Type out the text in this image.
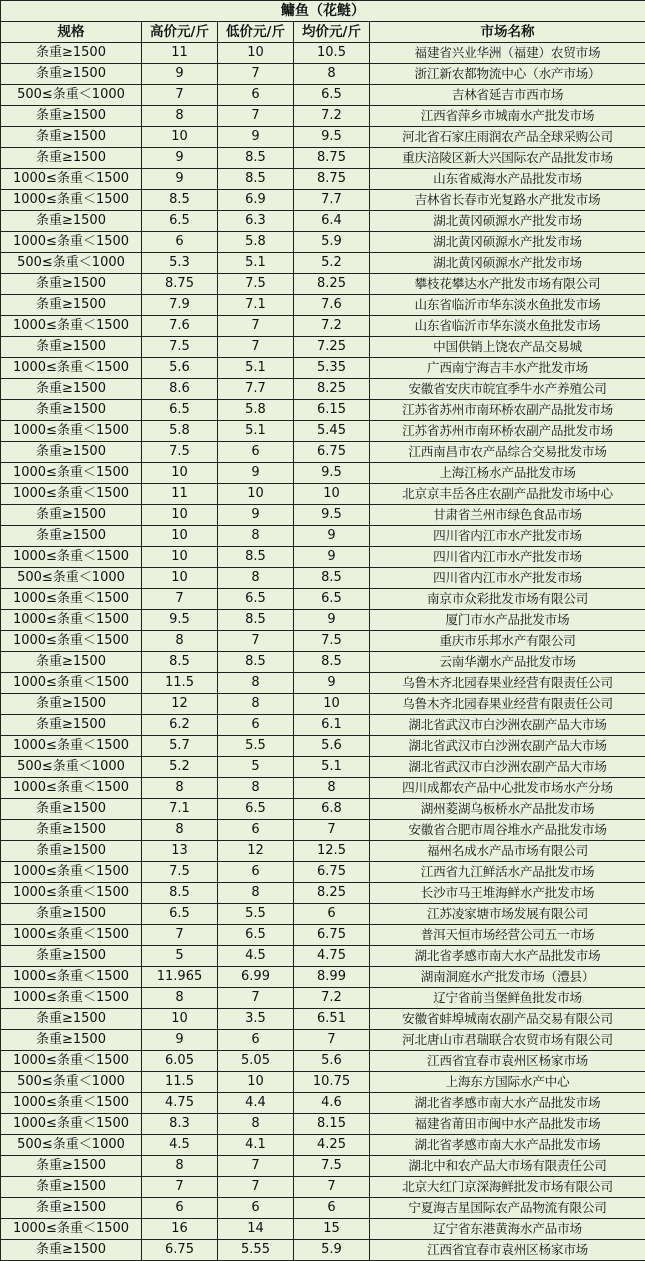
鳙鱼（花鲢）				
规格	高价元/斤	低价元/斤	均价元/斤	市场名称
条重≥1500	11	10	10.5	福建省兴业华洲（福建）农贸市场
条重≥1500	9	7	8	浙江新农都物流中心（水产市场）
500≤条重＜1000	7	6	6.5	吉林省延吉市西市场
条重≥1500	8	7	7.2	江西省萍乡市城南水产批发市场
条重≥1500	10	9	9.5	河北省石家庄雨润农产品全球采购公司
条重≥1500	9	8.5	8.75	重庆涪陵区新大兴国际农产品批发市场
1000≤条重＜1500	9	8.5	8.75	山东省威海水产品批发市场
1000≤条重＜1500	8.5	6.9	7.7	吉林省长春市光复路水产批发市场
条重≥1500	6.5	6.3	6.4	湖北黄冈硕源水产批发市场
1000≤条重＜1500	6	5.8	5.9	湖北黄冈硕源水产批发市场
500≤条重＜1000	5.3	5.1	5.2	湖北黄冈硕源水产批发市场
条重≥1500	8.75	7.5	8.25	攀枝花攀达水产批发市场有限公司
条重≥1500	7.9	7.1	7.6	山东省临沂市华东淡水鱼批发市场
1000≤条重＜1500	7.6	7	7.2	山东省临沂市华东淡水鱼批发市场
条重≥1500	7.5	7	7.25	中国供销上饶农产品交易城
1000≤条重＜1500	5.6	5.1	5.35	广西南宁海吉丰水产批发市场
条重≥1500	8.6	7.7	8.25	安徽省安庆市皖宜季牛水产养殖公司
条重≥1500	6.5	5.8	6.15	江苏省苏州市南环桥农副产品批发市场
1000≤条重＜1500	5.8	5.1	5.45	江苏省苏州市南环桥农副产品批发市场
条重≥1500	7.5	6	6.75	江西南昌市农产品综合交易批发市场
1000≤条重＜1500	10	9	9.5	上海江杨水产品批发市场
1000≤条重＜1500	11	10	10	北京京丰岳各庄农副产品批发市场中心
条重≥1500	10	9	9.5	甘肃省兰州市绿色食品市场
条重≥1500	10	8	9	四川省内江市水产批发市场
1000≤条重＜1500	10	8.5	9	四川省内江市水产批发市场
500≤条重＜1000	10	8	8.5	四川省内江市水产批发市场
1000≤条重＜1500	7	6.5	6.5	南京市众彩批发市场有限公司
1000≤条重＜1500	9.5	8.5	9	厦门市水产品批发市场
1000≤条重＜1500	8	7	7.5	重庆市乐邦水产有限公司
条重≥1500	8.5	8.5	8.5	云南华潮水产品批发市场
1000≤条重＜1500	11.5	8	9	乌鲁木齐北园春果业经营有限责任公司
条重≥1500	12	8	10	乌鲁木齐北园春果业经营有限责任公司
条重≥1500	6.2	6	6.1	湖北省武汉市白沙洲农副产品大市场
1000≤条重＜1500	5.7	5.5	5.6	湖北省武汉市白沙洲农副产品大市场
500≤条重＜1000	5.2	5	5.1	湖北省武汉市白沙洲农副产品大市场
1000≤条重＜1500	8	8	8	四川成都农产品中心批发市场水产分场
条重≥1500	7.1	6.5	6.8	湖州菱湖乌板桥水产品批发市场
条重≥1500	8	6	7	安徽省合肥市周谷堆水产品批发市场
条重≥1500	13	12	12.5	福州名成水产品市场有限公司
1000≤条重＜1500	7.5	6	6.75	江西省九江鲜活水产品批发市场
1000≤条重＜1500	8.5	8	8.25	长沙市马王堆海鲜水产批发市场
条重≥1500	6.5	5.5	6	江苏凌家塘市场发展有限公司
1000≤条重＜1500	7	6.5	6.75	普洱天恒市场经营公司五一市场
条重≥1500	5	4.5	4.75	湖北省孝感市南大水产品批发市场
1000≤条重＜1500	11.965	6.99	8.99	湖南洞庭水产批发市场（澧县）
1000≤条重＜1500	8	7	7.2	辽宁省前当堡鲜鱼批发市场
条重≥1500	10	3.5	6.51	安徽省蚌埠城南农副产品交易有限公司
条重≥1500	9	6	7	河北唐山市君瑞联合农贸市场有限公司
1000≤条重＜1500	6.05	5.05	5.6	江西省宜春市袁州区杨家市场
500≤条重＜1000	11.5	10	10.75	上海东方国际水产中心
1000≤条重＜1500	4.75	4.4	4.6	湖北省孝感市南大水产品批发市场
1000≤条重＜1500	8.3	8	8.15	福建省莆田市闽中水产品批发市场
500≤条重＜1000	4.5	4.1	4.25	湖北省孝感市南大水产品批发市场
条重≥1500	8	7	7.5	湖北中和农产品大市场有限责任公司
条重≥1500	7	7	7	北京大红门京深海鲜批发市场有限公司
条重≥1500	6	6	6	宁夏海吉星国际农产品物流有限公司
1000≤条重＜1500	16	14	15	辽宁省东港黄海水产品市场
条重≥1500	6.75	5.55	5.9	江西省宜春市袁州区杨家市场
